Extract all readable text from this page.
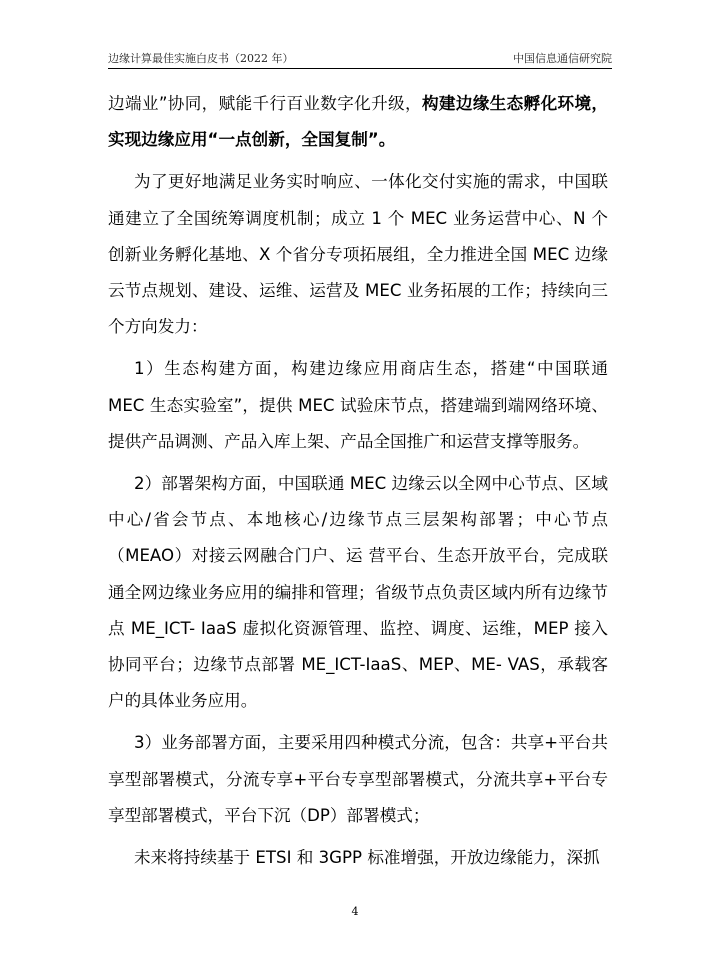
边缘计算最佳实施白皮书（2022 年）	中国信息通信研究院

边端业”协同，赋能千行百业数字化升级，构建边缘生态孵化环境，实现边缘应用“一点创新，全国复制”。

为了更好地满足业务实时响应、一体化交付实施的需求，中国联通建立了全国统筹调度机制；成立 1 个 MEC 业务运营中心、N 个创新业务孵化基地、X 个省分专项拓展组，全力推进全国 MEC 边缘云节点规划、建设、运维、运营及 MEC 业务拓展的工作；持续向三个方向发力：

1）生态构建方面，构建边缘应用商店生态，搭建“中国联通 MEC 生态实验室”，提供 MEC 试验床节点，搭建端到端网络环境、提供产品调测、产品入库上架、产品全国推广和运营支撑等服务。

2）部署架构方面，中国联通 MEC 边缘云以全网中心节点、区域中心/省会节点、本地核心/边缘节点三层架构部署；中心节点（MEAO）对接云网融合门户、运 营平台、生态开放平台，完成联通全网边缘业务应用的编排和管理；省级节点负责区域内所有边缘节点 ME_ICT- IaaS 虚拟化资源管理、监控、调度、运维，MEP 接入协同平台；边缘节点部署 ME_ICT-IaaS、MEP、ME- VAS，承载客户的具体业务应用。

3）业务部署方面，主要采用四种模式分流，包含：共享+平台共享型部署模式，分流专享+平台专享型部署模式，分流共享+平台专享型部署模式，平台下沉（DP）部署模式；

未来将持续基于 ETSI 和 3GPP 标准增强，开放边缘能力，深抓

4
